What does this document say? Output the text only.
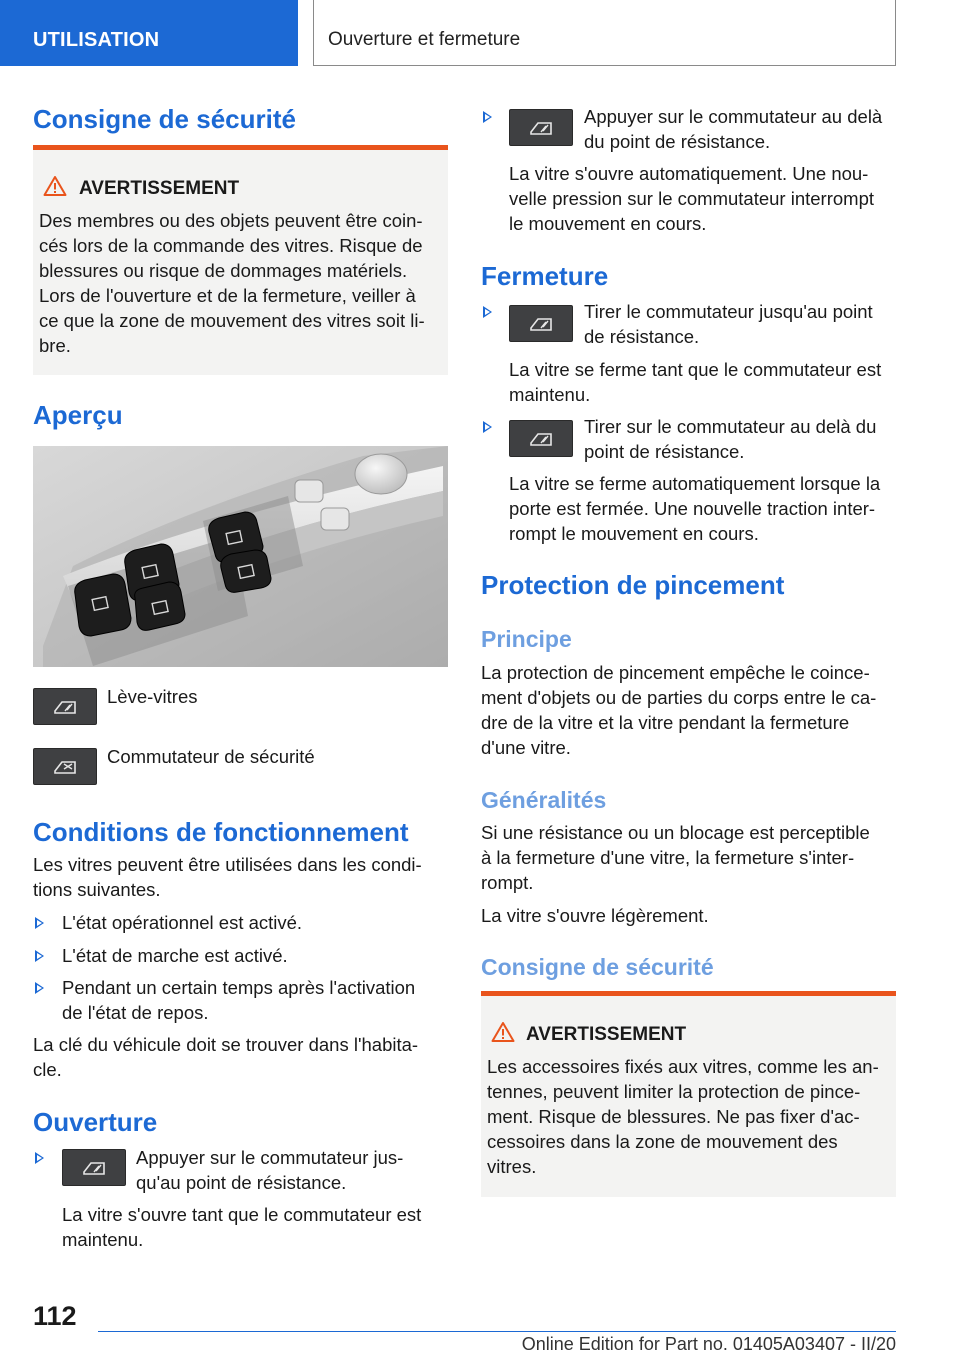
UTILISATION	Ouverture et fermeture
Consigne de sécurité
AVERTISSEMENT
Des membres ou des objets peuvent être coin-
cés lors de la commande des vitres. Risque de
blessures ou risque de dommages matériels.
Lors de l'ouverture et de la fermeture, veiller à
ce que la zone de mouvement des vitres soit li-
bre.
Aperçu

Lève-vitres

Commutateur de sécurité

Conditions de fonctionnement

Les vitres peuvent être utilisées dans les condi-
tions suivantes.

L'état opérationnel est activé.

L'état de marche est activé.

Pendant un certain temps après l'activation
de l'état de repos.

La clé du véhicule doit se trouver dans l'habita-
cle.

Ouverture

Appuyer sur le commutateur jus-
qu'au point de résistance.

La vitre s'ouvre tant que le commutateur est
maintenu.

Appuyer sur le commutateur au delà
du point de résistance.

La vitre s'ouvre automatiquement. Une nou-
velle pression sur le commutateur interrompt
le mouvement en cours.

Fermeture

Tirer le commutateur jusqu'au point
de résistance.

La vitre se ferme tant que le commutateur est
maintenu.

Tirer sur le commutateur au delà du
point de résistance.

La vitre se ferme automatiquement lorsque la
porte est fermée. Une nouvelle traction inter-
rompt le mouvement en cours.

Protection de pincement
Principe

La protection de pincement empêche le coince-
ment d'objets ou de parties du corps entre le ca-
dre de la vitre et la vitre pendant la fermeture
d'une vitre.

Généralités

Si une résistance ou un blocage est perceptible
à la fermeture d'une vitre, la fermeture s'inter-
rompt.

La vitre s'ouvre légèrement.

Consigne de sécurité
AVERTISSEMENT
Les accessoires fixés aux vitres, comme les an-
tennes, peuvent limiter la protection de pince-
ment. Risque de blessures. Ne pas fixer d'ac-
cessoires dans la zone de mouvement des
vitres.
112
Online Edition for Part no. 01405A03407 - II/20
